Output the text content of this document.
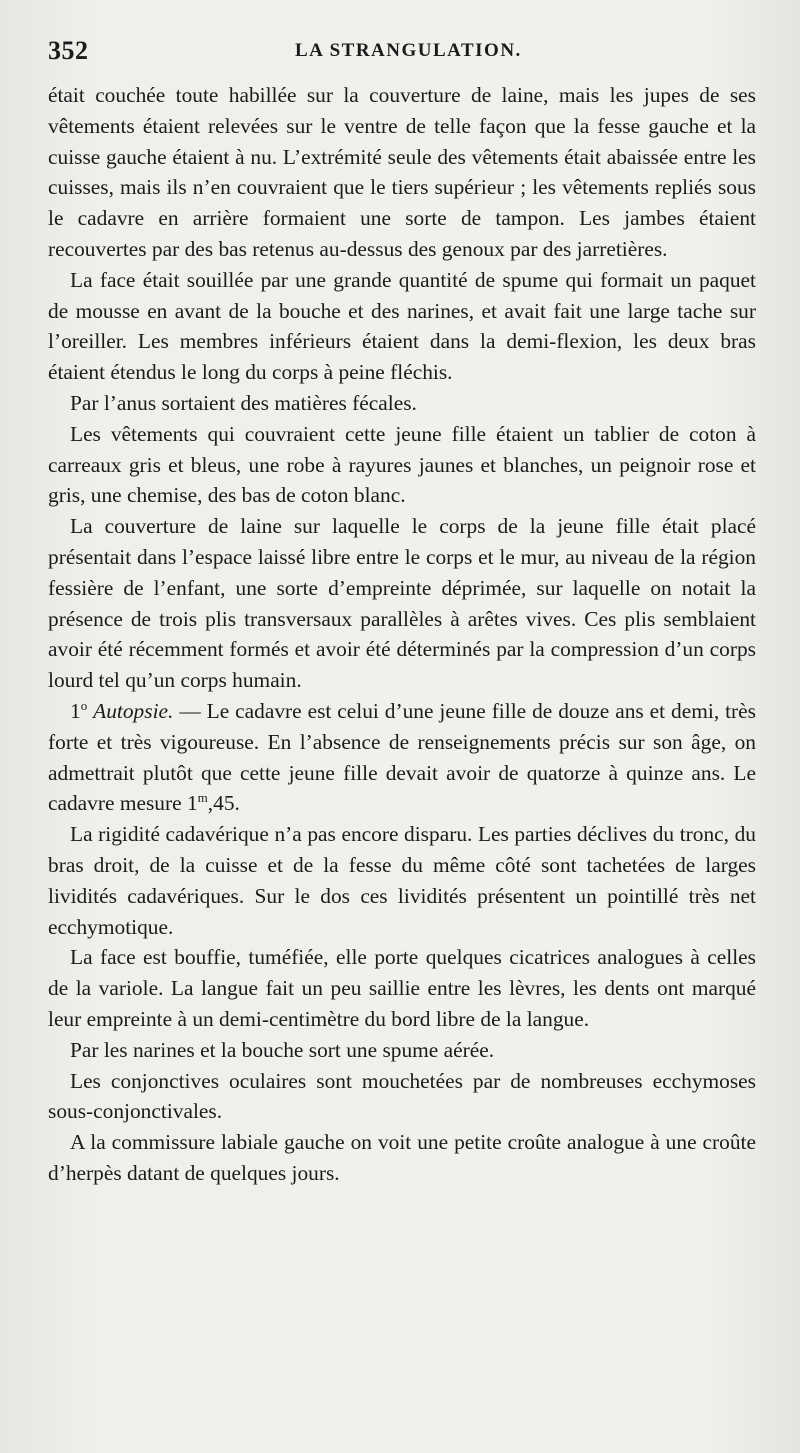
352	LA STRANGULATION.

était couchée toute habillée sur la couverture de laine, mais les jupes de ses vêtements étaient relevées sur le ventre de telle façon que la fesse gauche et la cuisse gauche étaient à nu. L’extrémité seule des vêtements était abaissée entre les cuisses, mais ils n’en couvraient que le tiers supérieur ; les vêtements repliés sous le cadavre en arrière formaient une sorte de tampon. Les jambes étaient recouvertes par des bas retenus au-dessus des genoux par des jarretières.

La face était souillée par une grande quantité de spume qui formait un paquet de mousse en avant de la bouche et des narines, et avait fait une large tache sur l’oreiller. Les membres inférieurs étaient dans la demi-flexion, les deux bras étaient étendus le long du corps à peine fléchis.

Par l’anus sortaient des matières fécales.

Les vêtements qui couvraient cette jeune fille étaient un tablier de coton à carreaux gris et bleus, une robe à rayures jaunes et blanches, un peignoir rose et gris, une chemise, des bas de coton blanc.

La couverture de laine sur laquelle le corps de la jeune fille était placé présentait dans l’espace laissé libre entre le corps et le mur, au niveau de la région fessière de l’enfant, une sorte d’empreinte déprimée, sur laquelle on notait la présence de trois plis transversaux parallèles à arêtes vives. Ces plis semblaient avoir été récemment formés et avoir été déterminés par la compression d’un corps lourd tel qu’un corps humain.

1$^o$ Autopsie. — Le cadavre est celui d’une jeune fille de douze ans et demi, très forte et très vigoureuse. En l’absence de renseignements précis sur son âge, on admettrait plutôt que cette jeune fille devait avoir de quatorze à quinze ans. Le cadavre mesure 1$^m$,45.

La rigidité cadavérique n’a pas encore disparu. Les parties déclives du tronc, du bras droit, de la cuisse et de la fesse du même côté sont tachetées de larges lividités cadavériques. Sur le dos ces lividités présentent un pointillé très net ecchymotique.

La face est bouffie, tuméfiée, elle porte quelques cicatrices analogues à celles de la variole. La langue fait un peu saillie entre les lèvres, les dents ont marqué leur empreinte à un demi-centimètre du bord libre de la langue.

Par les narines et la bouche sort une spume aérée.

Les conjonctives oculaires sont mouchetées par de nombreuses ecchymoses sous-conjonctivales.

A la commissure labiale gauche on voit une petite croûte analogue à une croûte d’herpès datant de quelques jours.
